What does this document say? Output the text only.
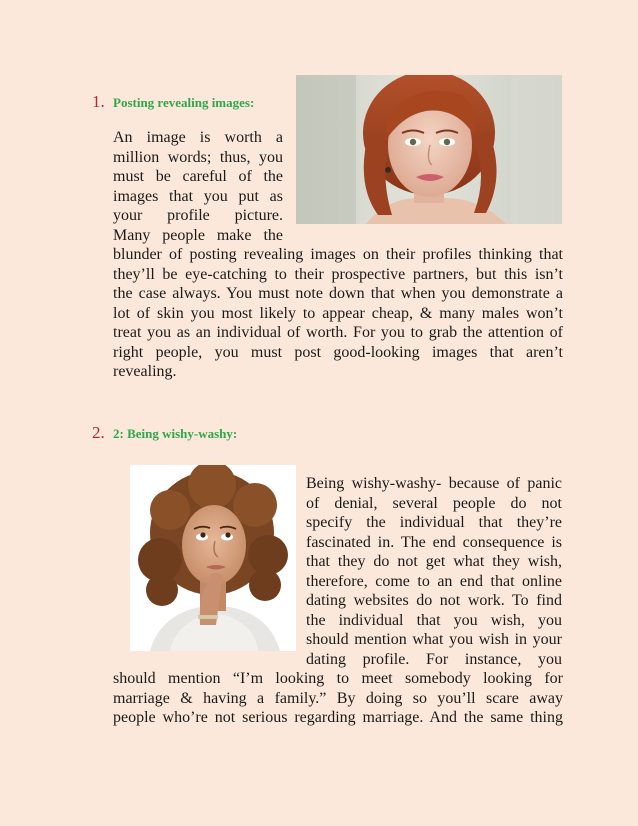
1. Posting revealing images:
An image is worth a
million words; thus, you
must be careful of the
images that you put as
your profile picture.
Many people make the
blunder of posting revealing images on their profiles thinking that
they’ll be eye-catching to their prospective partners, but this isn’t
the case always. You must note down that when you demonstrate a
lot of skin you most likely to appear cheap, & many males won’t
treat you as an individual of worth. For you to grab the attention of
right people, you must post good-looking images that aren’t
revealing.
2. 2: Being wishy-washy:
Being wishy-washy- because of panic
of denial, several people do not
specify the individual that they’re
fascinated in. The end consequence is
that they do not get what they wish,
therefore, come to an end that online
dating websites do not work. To find
the individual that you wish, you
should mention what you wish in your
dating profile. For instance, you
should mention “I’m looking to meet somebody looking for
marriage & having a family.” By doing so you’ll scare away
people who’re not serious regarding marriage. And the same thing
